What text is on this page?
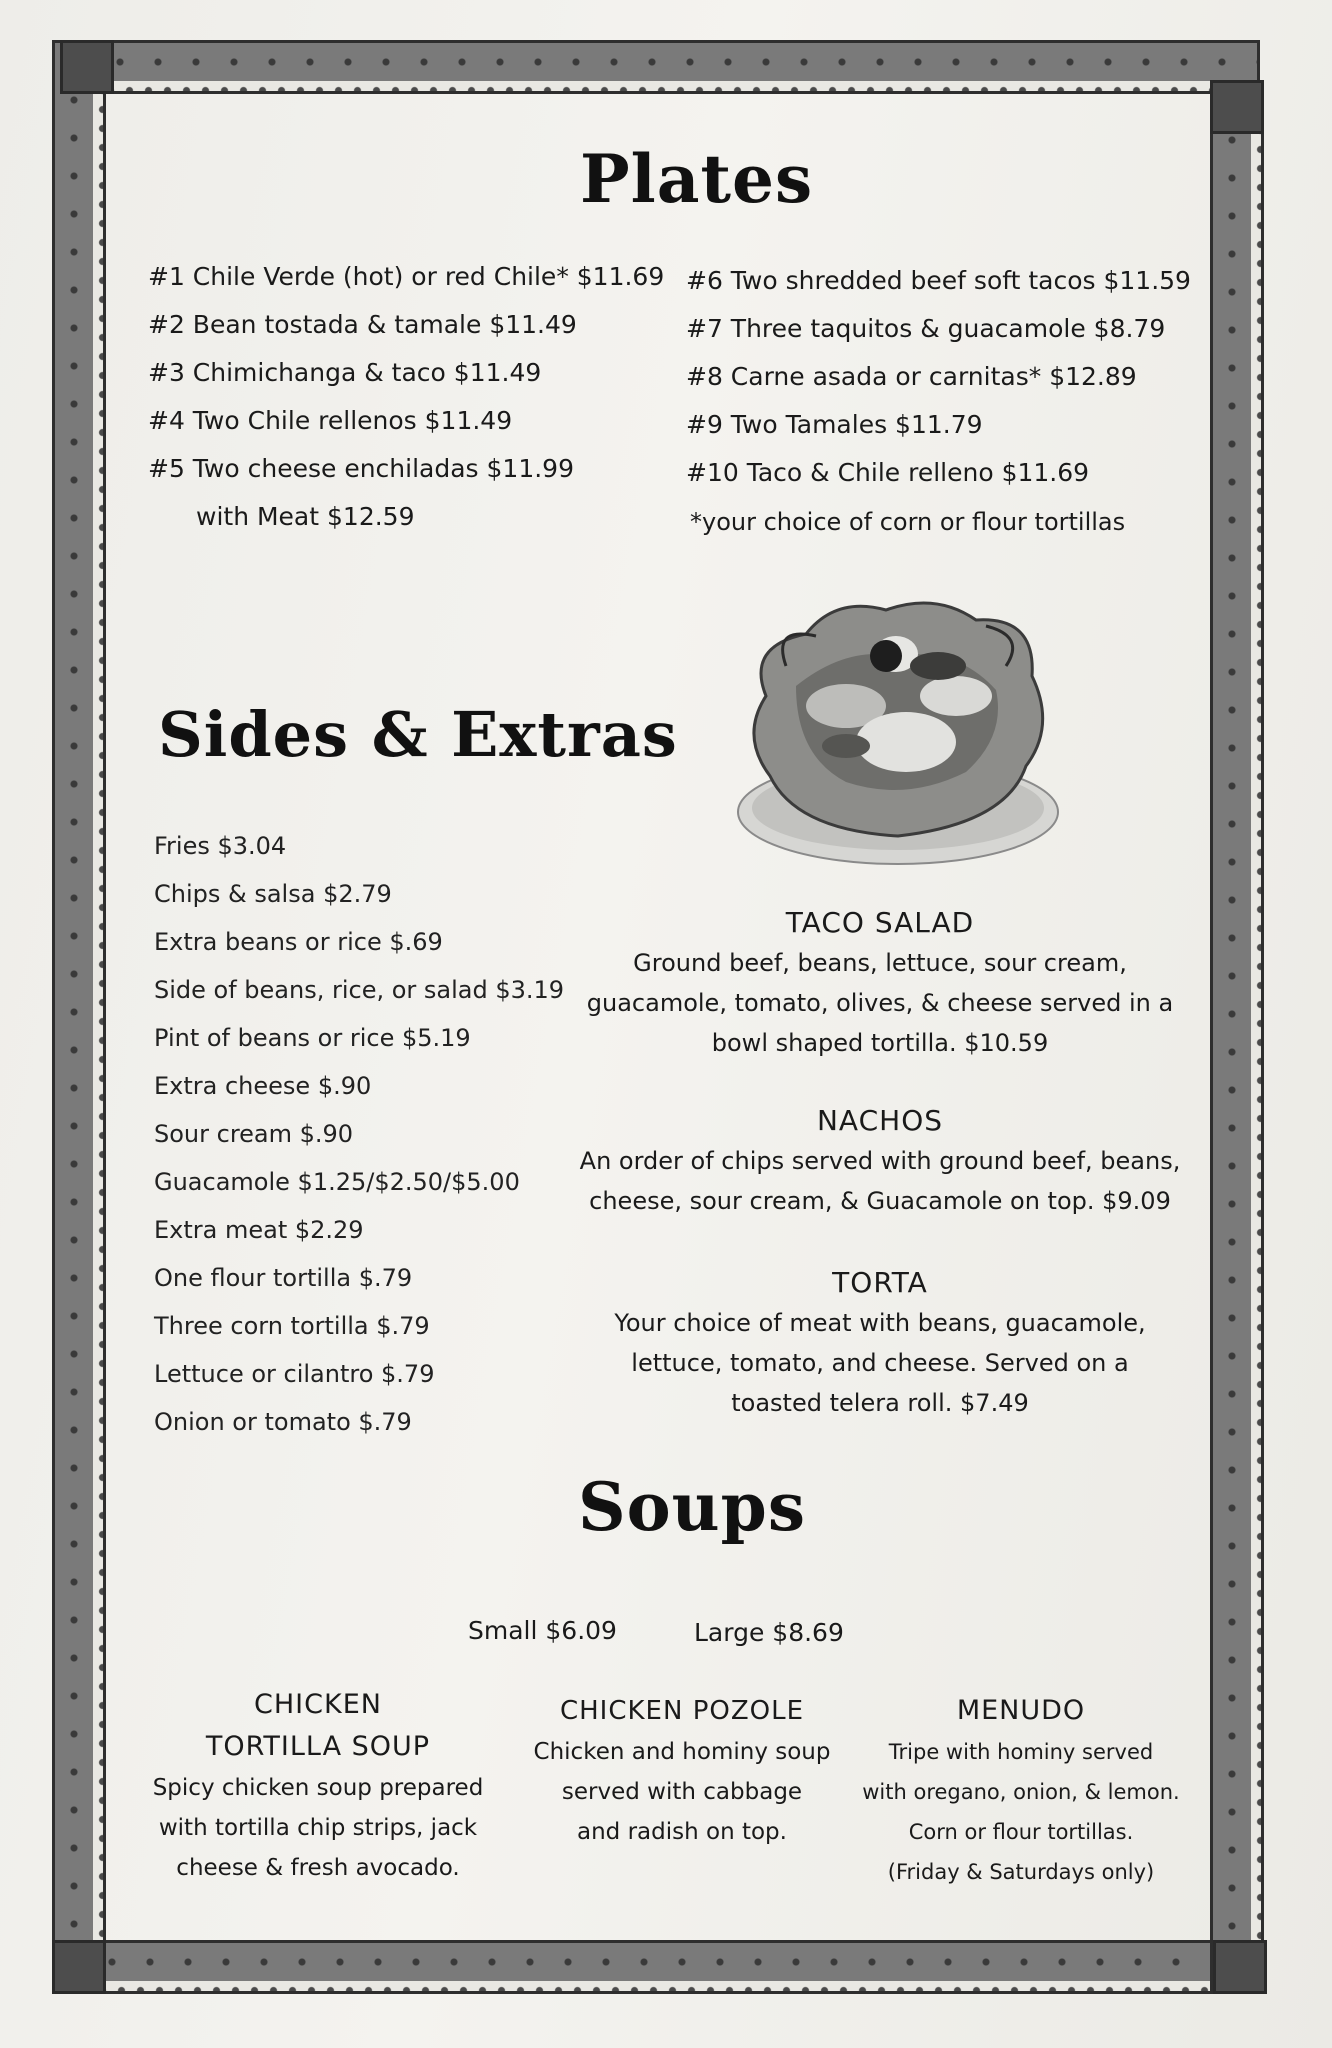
Plates
#1 Chile Verde (hot) or red Chile* $11.69
#2 Bean tostada & tamale $11.49
#3 Chimichanga & taco $11.49
#4 Two Chile rellenos $11.49
#5 Two cheese enchiladas $11.99
with Meat $12.59
#6 Two shredded beef soft tacos $11.59
#7 Three taquitos & guacamole $8.79
#8 Carne asada or carnitas* $12.89
#9 Two Tamales $11.79
#10 Taco & Chile relleno $11.69
*your choice of corn or flour tortillas
Sides & Extras
Fries $3.04
Chips & salsa $2.79
Extra beans or rice $.69
Side of beans, rice, or salad $3.19
Pint of beans or rice $5.19
Extra cheese $.90
Sour cream $.90
Guacamole $1.25/$2.50/$5.00
Extra meat $2.29
One flour tortilla $.79
Three corn tortilla $.79
Lettuce or cilantro $.79
Onion or tomato $.79
TACO SALAD
Ground beef, beans, lettuce, sour cream,
guacamole, tomato, olives, & cheese served in a
bowl shaped tortilla. $10.59
NACHOS
An order of chips served with ground beef, beans,
cheese, sour cream, & Guacamole on top. $9.09
TORTA
Your choice of meat with beans, guacamole,
lettuce, tomato, and cheese. Served on a
toasted telera roll. $7.49
Soups
Small $6.09	Large $8.69
CHICKEN
TORTILLA SOUP
Spicy chicken soup prepared
with tortilla chip strips, jack
cheese & fresh avocado.
CHICKEN POZOLE
Chicken and hominy soup
served with cabbage
and radish on top.
MENUDO
Tripe with hominy served
with oregano, onion, & lemon.
Corn or flour tortillas.
(Friday & Saturdays only)
